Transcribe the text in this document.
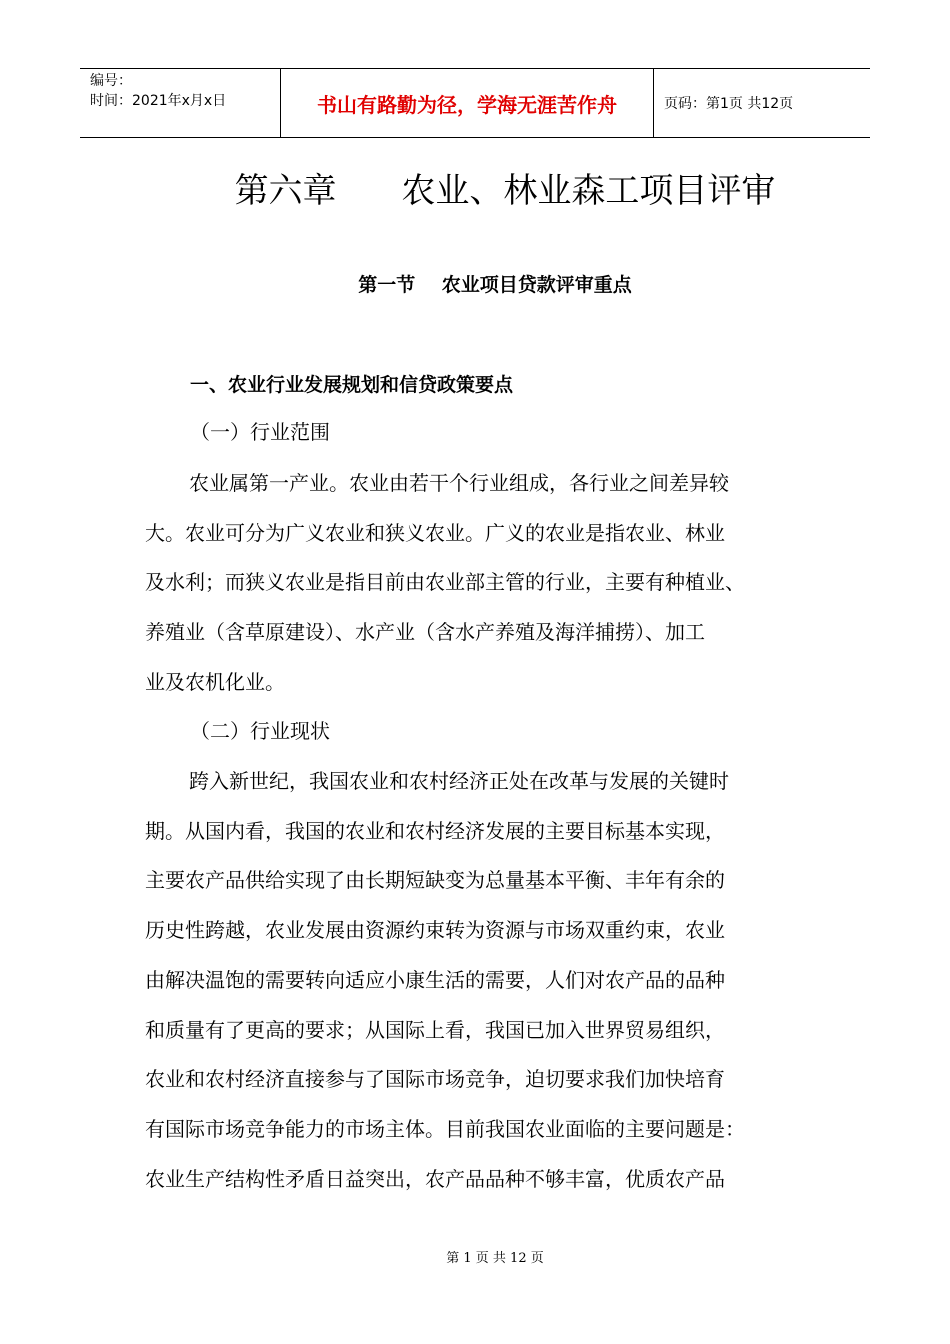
编号：
时间：2021年x月x日	书山有路勤为径，学海无涯苦作舟	页码：第1页 共12页
第六章      农业、林业森工项目评审
第一节    农业项目贷款评审重点
一、农业行业发展规划和信贷政策要点

（一）行业范围

农业属第一产业。农业由若干个行业组成，各行业之间差异较
大。农业可分为广义农业和狭义农业。广义的农业是指农业、林业
及水利；而狭义农业是指目前由农业部主管的行业，主要有种植业、
养殖业（含草原建设）、水产业（含水产养殖及海洋捕捞）、加工
业及农机化业。

（二）行业现状

跨入新世纪，我国农业和农村经济正处在改革与发展的关键时
期。从国内看，我国的农业和农村经济发展的主要目标基本实现，
主要农产品供给实现了由长期短缺变为总量基本平衡、丰年有余的
历史性跨越，农业发展由资源约束转为资源与市场双重约束，农业
由解决温饱的需要转向适应小康生活的需要，人们对农产品的品种
和质量有了更高的要求；从国际上看，我国已加入世界贸易组织，
农业和农村经济直接参与了国际市场竞争，迫切要求我们加快培育
有国际市场竞争能力的市场主体。目前我国农业面临的主要问题是：
农业生产结构性矛盾日益突出，农产品品种不够丰富，优质农产品
第 1 页 共 12 页
